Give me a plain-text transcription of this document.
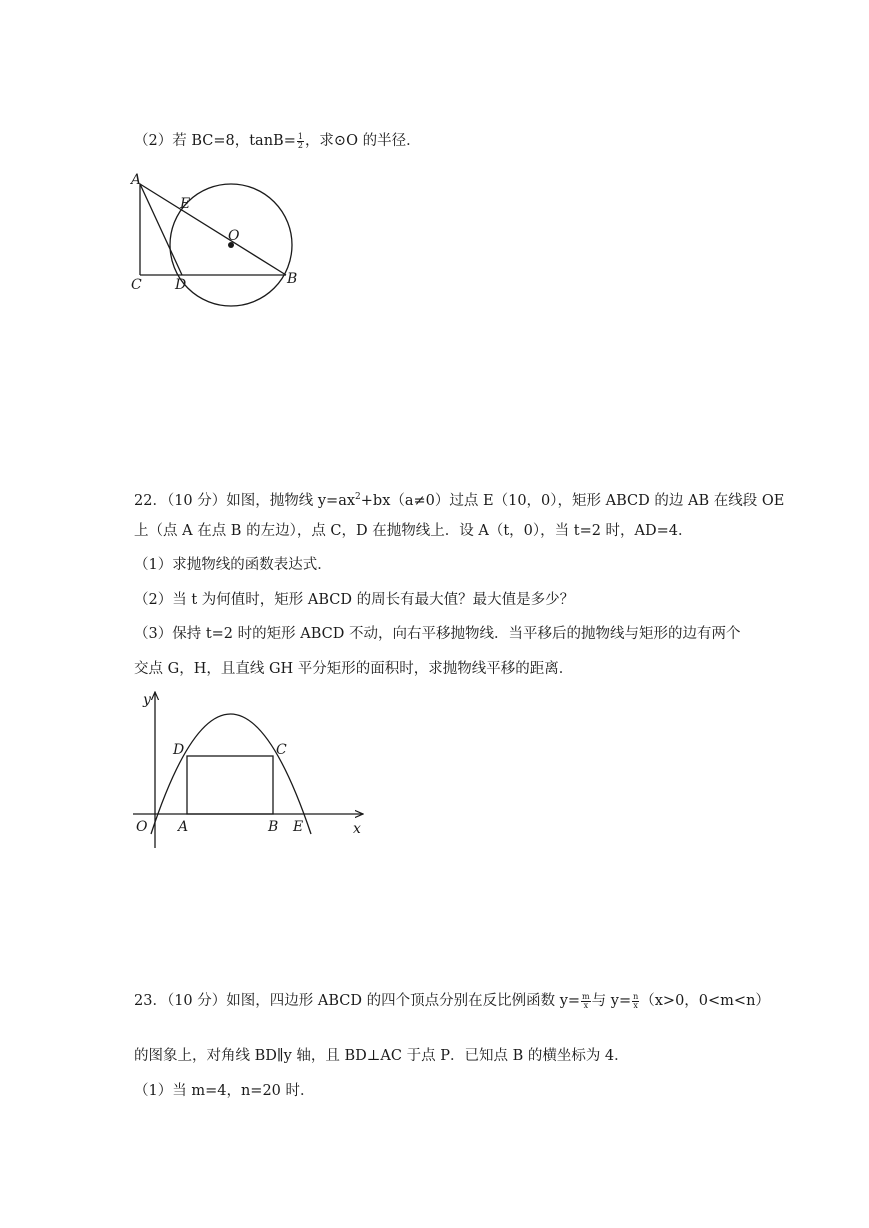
（2）若 BC=8，$\tan B= \frac{1}{2}$ ，求⊙O 的半径．
A
E
O
C D	B
22．（10 分）如图，抛物线 $y=ax^2+bx(a\ne 0)$过点 E（10，0），矩形 ABCD 的边 AB 在线段 OE
上（点 A 在点 B 的左边），点 C，D 在抛物线上．设 A（t，0），当 t=2 时，AD=4．
（1）求抛物线的函数表达式．
（2）当 t 为何值时，矩形 ABCD 的周长有最大值？最大值是多少？
（3）保持 t=2 时的矩形 ABCD 不动，向右平移抛物线．当平移后的抛物线与矩形的边有两个
交点 G，H，且直线 GH 平分矩形的面积时，求抛物线平移的距离．
y
x
O A	B E
D	C
23．（10 分）如图，四边形 ABCD 的四个顶点分别在反比例函数 $y= \frac{m}{x}$ 与 $y= \frac{n}{x} (x>0$，0<m<n）
的图象上，对角线 BD∥y 轴，且 BD⊥AC 于点 P．已知点 B 的横坐标为 4．
（1）当 m=4，n=20 时．
